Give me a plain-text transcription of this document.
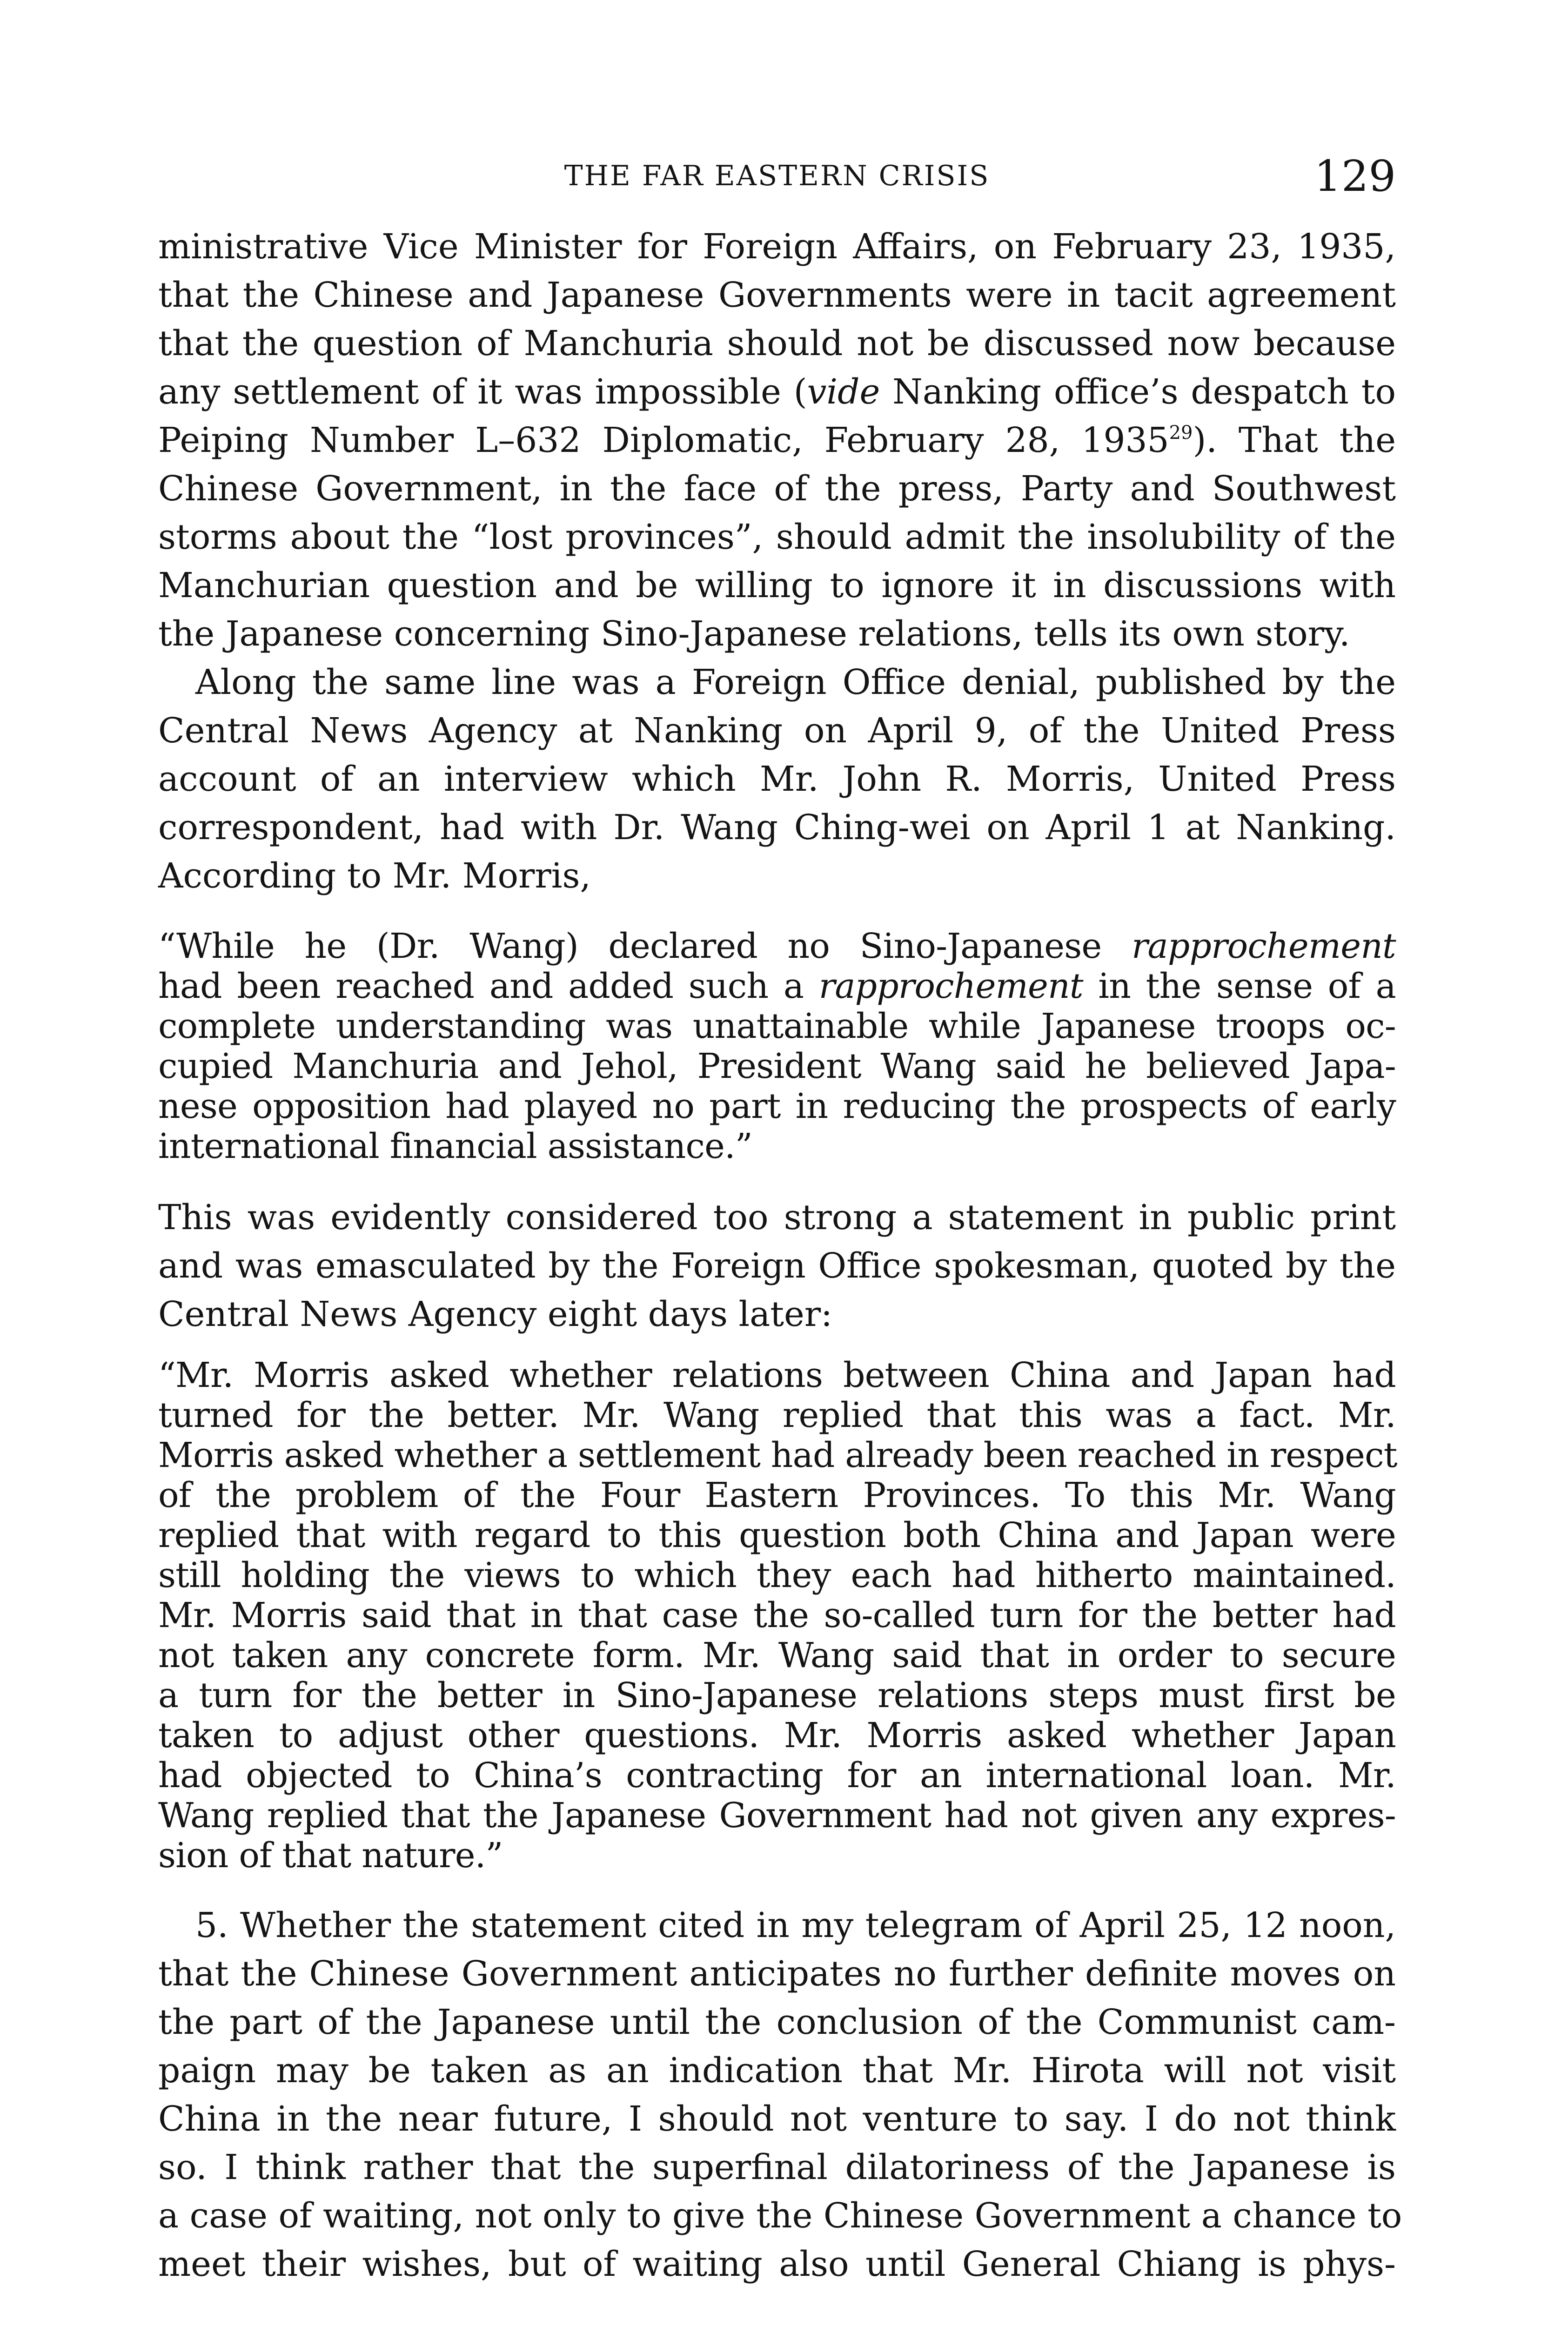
THE FAR EASTERN CRISIS	129
ministrative Vice Minister for Foreign Affairs, on February 23, 1935,
that the Chinese and Japanese Governments were in tacit agreement
that the question of Manchuria should not be discussed now because
any settlement of it was impossible (vide Nanking office’s despatch to
Peiping Number L–632 Diplomatic, February 28, 1935$^{29}$). That the
Chinese Government, in the face of the press, Party and Southwest
storms about the “lost provinces”, should admit the insolubility of the
Manchurian question and be willing to ignore it in discussions with
the Japanese concerning Sino-Japanese relations, tells its own story.
Along the same line was a Foreign Office denial, published by the
Central News Agency at Nanking on April 9, of the United Press
account of an interview which Mr. John R. Morris, United Press
correspondent, had with Dr. Wang Ching-wei on April 1 at Nanking.
According to Mr. Morris,
“While he (Dr. Wang) declared no Sino-Japanese rapprochement
had been reached and added such a rapprochement in the sense of a
complete understanding was unattainable while Japanese troops oc-
cupied Manchuria and Jehol, President Wang said he believed Japa-
nese opposition had played no part in reducing the prospects of early
international financial assistance.”
This was evidently considered too strong a statement in public print
and was emasculated by the Foreign Office spokesman, quoted by the
Central News Agency eight days later:
“Mr. Morris asked whether relations between China and Japan had
turned for the better. Mr. Wang replied that this was a fact. Mr.
Morris asked whether a settlement had already been reached in respect
of the problem of the Four Eastern Provinces. To this Mr. Wang
replied that with regard to this question both China and Japan were
still holding the views to which they each had hitherto maintained.
Mr. Morris said that in that case the so-called turn for the better had
not taken any concrete form. Mr. Wang said that in order to secure
a turn for the better in Sino-Japanese relations steps must first be
taken to adjust other questions. Mr. Morris asked whether Japan
had objected to China’s contracting for an international loan. Mr.
Wang replied that the Japanese Government had not given any expres-
sion of that nature.”
5. Whether the statement cited in my telegram of April 25, 12 noon,
that the Chinese Government anticipates no further definite moves on
the part of the Japanese until the conclusion of the Communist cam-
paign may be taken as an indication that Mr. Hirota will not visit
China in the near future, I should not venture to say. I do not think
so. I think rather that the superfinal dilatoriness of the Japanese is
a case of waiting, not only to give the Chinese Government a chance to
meet their wishes, but of waiting also until General Chiang is phys-
